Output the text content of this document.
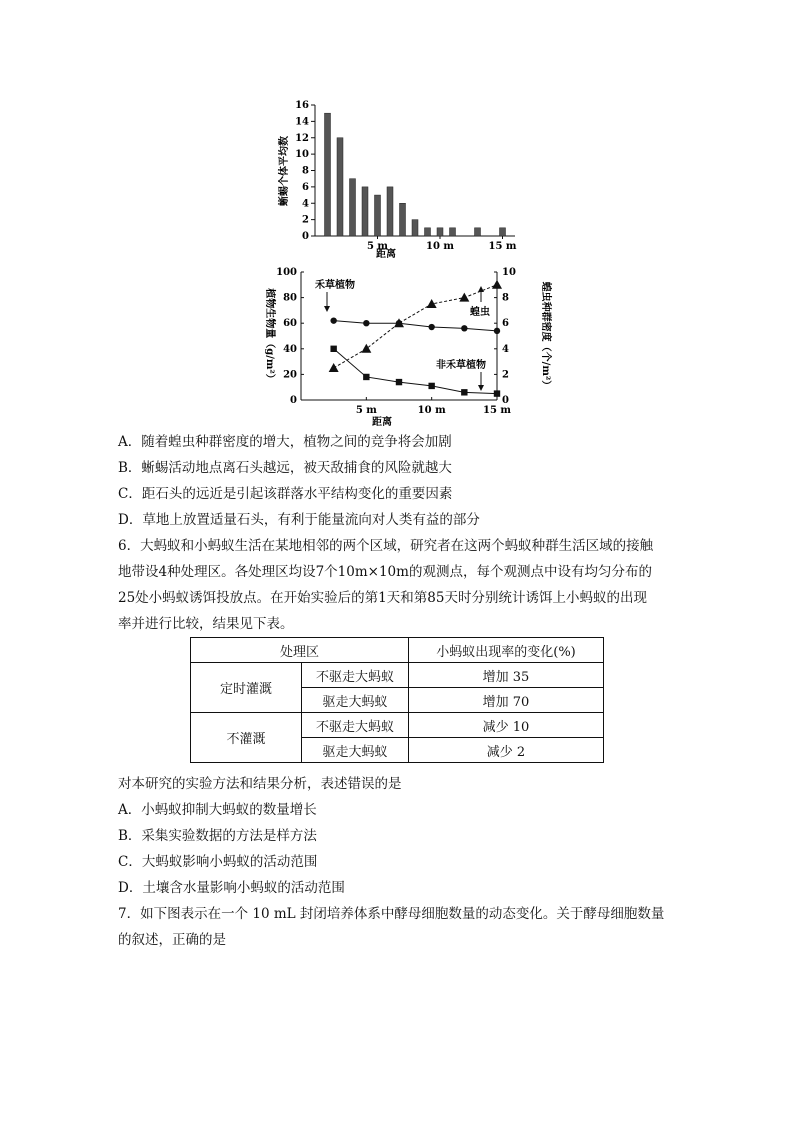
0
2
4
6
8
10
12
14
16
5 m	10 m	15 m
蜥蜴个体平均数
距离
0
20
40
60
80
100
0
2
4
6
8
10
5 m	10 m	15 m
植物生物量（g/m²）	蝗虫种群密度（个/m²）
距离
禾草植物
蝗虫
非禾草植物
A．随着蝗虫种群密度的增大，植物之间的竞争将会加剧
B．蜥蜴活动地点离石头越远，被天敌捕食的风险就越大
C．距石头的远近是引起该群落水平结构变化的重要因素
D．草地上放置适量石头，有利于能量流向对人类有益的部分
6．大蚂蚁和小蚂蚁生活在某地相邻的两个区域，研究者在这两个蚂蚁种群生活区域的接触
地带设4种处理区。各处理区均设7个10m×10m的观测点，每个观测点中设有均匀分布的
25处小蚂蚁诱饵投放点。在开始实验后的第1天和第85天时分别统计诱饵上小蚂蚁的出现
率并进行比较，结果见下表。
处理区		小蚂蚁出现率的变化(%)
定时灌溉	不驱走大蚂蚁	增加 35
	驱走大蚂蚁	增加 70
不灌溉	不驱走大蚂蚁	减少 10
	驱走大蚂蚁	减少 2
对本研究的实验方法和结果分析，表述错误的是
A．小蚂蚁抑制大蚂蚁的数量增长
B．采集实验数据的方法是样方法
C．大蚂蚁影响小蚂蚁的活动范围
D．土壤含水量影响小蚂蚁的活动范围
7．如下图表示在一个 10 mL 封闭培养体系中酵母细胞数量的动态变化。关于酵母细胞数量
的叙述，正确的是
